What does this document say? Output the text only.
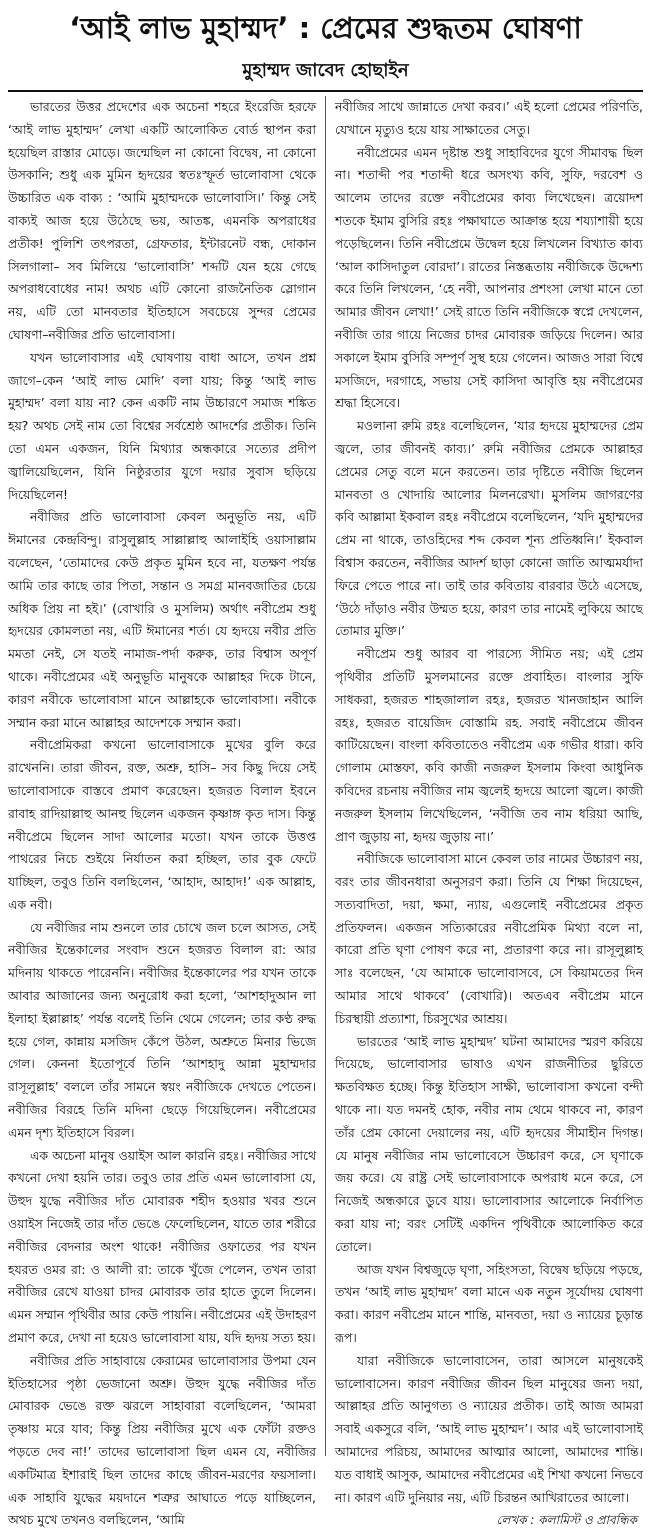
‘আই লাভ মুহাম্মদ’ : প্রেমের শুদ্ধতম ঘোষণা
মুহাম্মদ জাবেদ হোছাইন

ভারতের উত্তর প্রদেশের এক অচেনা শহরে ইংরেজি হরফে ‘আই লাভ মুহাম্মদ’ লেখা একটি আলোকিত বোর্ড স্থাপন করা হয়েছিল রাস্তার মোড়ে। জন্মেছিল না কোনো বিদ্বেষ, না কোনো উসকানি; শুধু এক মুমিন হৃদয়ের স্বতঃস্ফূর্ত ভালোবাসা থেকে উচ্চারিত এক বাক্য : ‘আমি মুহাম্মদকে ভালোবাসি।’ কিন্তু সেই বাক্যই আজ হয়ে উঠেছে ভয়, আতঙ্ক, এমনকি অপরাধের প্রতীক! পুলিশি তৎপরতা, গ্রেফতার, ইন্টারনেট বন্ধ, দোকান সিলগালা– সব মিলিয়ে ‘ভালোবাসি’ শব্দটি যেন হয়ে গেছে অপরাধবোধের নাম! অথচ এটি কোনো রাজনৈতিক স্লোগান নয়, এটি তো মানবতার ইতিহাসে সবচেয়ে সুন্দর প্রেমের ঘোষণা–নবীজির প্রতি ভালোবাসা।

যখন ভালোবাসার এই ঘোষণায় বাধা আসে, তখন প্রশ্ন জাগে–কেন ‘আই লাভ মোদি’ বলা যায়; কিন্তু ‘আই লাভ মুহাম্মদ’ বলা যায় না? কেন একটি নাম উচ্চারণে সমাজ শঙ্কিত হয়? অথচ সেই নাম তো বিশ্বের সর্বশ্রেষ্ঠ আদর্শের প্রতীক। তিনি তো এমন একজন, যিনি মিথ্যার অন্ধকারে সত্যের প্রদীপ জ্বালিয়েছিলেন, যিনি নিষ্ঠুরতার যুগে দয়ার সুবাস ছড়িয়ে দিয়েছিলেন!

নবীজির প্রতি ভালোবাসা কেবল অনুভূতি নয়, এটি ঈমানের কেন্দ্রবিন্দু। রাসুলুল্লাহ সাল্লাল্লাহু আলাইহি ওয়াসাল্লাম বলেছেন, ‘তোমাদের কেউ প্রকৃত মুমিন হবে না, যতক্ষণ পর্যন্ত আমি তার কাছে তার পিতা, সন্তান ও সমগ্র মানবজাতির চেয়ে অধিক প্রিয় না হই।’ (বোখারি ও মুসলিম) অর্থাৎ নবীপ্রেম শুধু হৃদয়ের কোমলতা নয়, এটি ঈমানের শর্ত। যে হৃদয়ে নবীর প্রতি মমতা নেই, সে যতই নামাজ-পর্দা করুক, তার বিশ্বাস অপূর্ণ থাকে। নবীপ্রেমের এই অনুভূতি মানুষকে আল্লাহর দিকে টানে, কারণ নবীকে ভালোবাসা মানে আল্লাহকে ভালোবাসা। নবীকে সম্মান করা মানে আল্লাহর আদেশকে সম্মান করা।

নবীপ্রেমিকরা কখনো ভালোবাসাকে মুখের বুলি করে রাখেননি। তারা জীবন, রক্ত, অশ্রু, হাসি– সব কিছু দিয়ে সেই ভালোবাসাকে বাস্তবে প্রমাণ করেছেন। হজরত বিলাল ইবনে রাবাহ রাদিয়াল্লাহু আনহু ছিলেন একজন কৃষ্ণাঙ্গ কৃত দাস। কিন্তু নবীপ্রেমে ছিলেন সাদা আলোর মতো। যখন তাকে উত্তপ্ত পাথরের নিচে শুইয়ে নির্যাতন করা হচ্ছিল, তার বুক ফেটে যাচ্ছিল, তবুও তিনি বলছিলেন, ‘আহাদ, আহাদ!’ এক আল্লাহ, এক নবী।

যে নবীজির নাম শুনলে তার চোখে জল চলে আসত, সেই নবীজির ইন্তেকালের সংবাদ শুনে হজরত বিলাল রা: আর মদিনায় থাকতে পারেননি। নবীজির ইন্তেকালের পর যখন তাকে আবার আজানের জন্য অনুরোধ করা হলো, ‘আশহাদুআন লা ইলাহা ইল্লাল্লাহ’ পর্যন্ত বলেই তিনি থেমে গেলেন; তার কণ্ঠ রুদ্ধ হয়ে গেল, কান্নায় মসজিদ কেঁপে উঠল, অশ্রুতে মিনার ভিজে গেল। কেননা ইতোপূর্বে তিনি ‘আশহাদু আন্না মুহাম্মদার রাসূলুল্লাহ’ বললে তাঁর সামনে স্বয়ং নবীজিকে দেখতে পেতেন। নবীজির বিরহে তিনি মদিনা ছেড়ে গিয়েছিলেন। নবীপ্রেমের এমন দৃশ্য ইতিহাসে বিরল।

এক অচেনা মানুষ ওয়াইস আল কারনি রহঃ। নবীজির সাথে কখনো দেখা হয়নি তার। তবুও তার প্রতি এমন ভালোবাসা যে, উহুদ যুদ্ধে নবীজির দাঁত মোবারক শহীদ হওয়ার খবর শুনে ওয়াইস নিজেই তার দাঁত ভেঙে ফেলেছিলেন, যাতে তার শরীরে নবীজির বেদনার অংশ থাকে! নবীজির ওফাতের পর যখন হযরত ওমর রা: ও আলী রা: তাকে খুঁজে পেলেন, তখন তারা নবীজির রেখে যাওয়া চাদর মোবারক তার হাতে তুলে দিলেন। এমন সম্মান পৃথিবীর আর কেউ পায়নি। নবীপ্রেমের এই উদাহরণ প্রমাণ করে, দেখা না হয়েও ভালোবাসা যায়, যদি হৃদয় সত্য হয়।

নবীজির প্রতি সাহাবায়ে কেরামের ভালোবাসার উপমা যেন ইতিহাসের পৃষ্ঠা ভেজানো অশ্রু। উহুদ যুদ্ধে নবীজির দাঁত মোবারক ভেঙে রক্ত ঝরলে সাহাবারা বলেছিলেন, ‘আমরা তৃষ্ণায় মরে যাব; কিন্তু প্রিয় নবীজির মুখে এক ফোঁটা রক্তও পড়তে দেব না!’ তাদের ভালোবাসা ছিল এমন যে, নবীজির একটিমাত্র ইশারাই ছিল তাদের কাছে জীবন-মরণের ফয়সালা। এক সাহাবি যুদ্ধের ময়দানে শত্রুর আঘাতে পড়ে যাচ্ছিলেন, অথচ মুখে তখনও বলছিলেন, ‘আমি

নবীজির সাথে জান্নাতে দেখা করব।’ এই হলো প্রেমের পরিণতি, যেখানে মৃত্যুও হয়ে যায় সাক্ষাতের সেতু।

নবীপ্রেমের এমন দৃষ্টান্ত শুধু সাহাবিদের যুগে সীমাবদ্ধ ছিল না। শতাব্দী পর শতাব্দী ধরে অসংখ্য কবি, সুফি, দরবেশ ও আলেম তাদের রক্তে নবীপ্রেমের কাব্য লিখেছেন। ত্রয়োদশ শতকে ইমাম বুসিরি রহঃ পক্ষাঘাতে আক্রান্ত হয়ে শয্যাশায়ী হয়ে পড়েছিলেন। তিনি নবীপ্রেমে উদ্বেল হয়ে লিখলেন বিখ্যাত কাব্য ‘আল কাসিদাতুল বোরদা’। রাতের নিস্তব্ধতায় নবীজিকে উদ্দেশ্য করে তিনি লিখলেন, ‘হে নবী, আপনার প্রশংসা লেখা মানে তো আমার জীবন লেখা!’ সেই রাতে তিনি নবীজিকে স্বপ্নে দেখলেন, নবীজি তার গায়ে নিজের চাদর মোবারক জড়িয়ে দিলেন। আর সকালে ইমাম বুসিরি সম্পূর্ণ সুস্থ হয়ে গেলেন। আজও সারা বিশ্বে মসজিদে, দরগাহে, সভায় সেই কাসিদা আবৃত্তি হয় নবীপ্রেমের শ্রদ্ধা হিসেবে।

মওলানা রুমি রহঃ বলেছিলেন, ‘যার হৃদয়ে মুহাম্মদের প্রেম জ্বলে, তার জীবনই কাব্য।’ রুমি নবীজির প্রেমকে আল্লাহর প্রেমের সেতু বলে মনে করতেন। তার দৃষ্টিতে নবীজি ছিলেন মানবতা ও খোদায়ি আলোর মিলনরেখা। মুসলিম জাগরণের কবি আল্লামা ইকবাল রহঃ নবীপ্রেমে বলেছিলেন, ‘যদি মুহাম্মদের প্রেম না থাকে, তাওহিদের শব্দ কেবল শূন্য প্রতিধ্বনি।’ ইকবাল বিশ্বাস করতেন, নবীজির আদর্শ ছাড়া কোনো জাতি আত্মমর্যাদা ফিরে পেতে পারে না। তাই তার কবিতায় বারবার উঠে এসেছে, ‘উঠে দাঁড়াও নবীর উম্মত হয়ে, কারণ তার নামেই লুকিয়ে আছে তোমার মুক্তি।’

নবীপ্রেম শুধু আরব বা পারস্যে সীমিত নয়; এই প্রেম পৃথিবীর প্রতিটি মুসলমানের রক্তে প্রবাহিত। বাংলার সুফি সাধকরা, হজরত শাহজালাল রহঃ, হজরত খানজাহান আলি রহঃ, হজরত বায়েজিদ বোস্তামি রহ. সবাই নবীপ্রেমে জীবন কাটিয়েছেন। বাংলা কবিতাতেও নবীপ্রেম এক গভীর ধারা। কবি গোলাম মোস্তফা, কবি কাজী নজরুল ইসলাম কিংবা আধুনিক কবিদের রচনায় নবীজির নাম জ্বলেই হৃদয়ে আলো জ্বলে। কাজী নজরুল ইসলাম লিখেছিলেন, ‘নবীজি তব নাম ধরিয়া আছি, প্রাণ জুড়ায় না, হৃদয় জুড়ায় না।’

নবীজিকে ভালোবাসা মানে কেবল তার নামের উচ্চারণ নয়, বরং তার জীবনধারা অনুসরণ করা। তিনি যে শিক্ষা দিয়েছেন, সত্যবাদিতা, দয়া, ক্ষমা, ন্যায়, এগুলোই নবীপ্রেমের প্রকৃত প্রতিফলন। একজন সত্যিকারের নবীপ্রেমিক মিথ্যা বলে না, কারো প্রতি ঘৃণা পোষণ করে না, প্রতারণা করে না। রাসূলুল্লাহ সাঃ বলেছেন, ‘যে আমাকে ভালোবাসবে, সে কিয়ামতের দিন আমার সাথে থাকবে’ (বোখারি)। অতএব নবীপ্রেম মানে চিরস্থায়ী প্রত্যাশা, চিরসুখের আশ্রয়।

ভারতের ‘আই লাভ মুহাম্মদ’ ঘটনা আমাদের স্মরণ করিয়ে দিয়েছে, ভালোবাসার ভাষাও এখন রাজনীতির ছুরিতে ক্ষতবিক্ষত হচ্ছে। কিন্তু ইতিহাস সাক্ষী, ভালোবাসা কখনো বন্দী থাকে না। যত দমনই হোক, নবীর নাম থেমে থাকবে না, কারণ তাঁর প্রেম কোনো দেয়ালের নয়, এটি হৃদয়ের সীমাহীন দিগন্ত। যে মানুষ নবীজির নাম ভালোবেসে উচ্চারণ করে, সে ঘৃণাকে জয় করে। যে রাষ্ট্র সেই ভালোবাসাকে অপরাধ মনে করে, সে নিজেই অন্ধকারে ডুবে যায়। ভালোবাসার আলোকে নির্বাপিত করা যায় না; বরং সেটিই একদিন পৃথিবীকে আলোকিত করে তোলে।

আজ যখন বিশ্বজুড়ে ঘৃণা, সহিংসতা, বিদ্বেষ ছড়িয়ে পড়ছে, তখন ‘আই লাভ মুহাম্মদ’ বলা মানে এক নতুন সূর্যোদয় ঘোষণা করা। কারণ নবীপ্রেম মানে শান্তি, মানবতা, দয়া ও ন্যায়ের চূড়ান্ত রূপ।

যারা নবীজিকে ভালোবাসেন, তারা আসলে মানুষকেই ভালোবাসেন। কারণ নবীজির জীবন ছিল মানুষের জন্য দয়া, আল্লাহর প্রতি আনুগত্য ও ন্যায়ের প্রতীক। তাই আজ আমরা সবাই একসুরে বলি, ‘আই লাভ মুহাম্মদ’। আর এই ভালোবাসাই আমাদের পরিচয়, আমাদের আত্মার আলো, আমাদের শান্তি। যত বাধাই আসুক, আমাদের নবীপ্রেমের এই শিখা কখনো নিভবে না। কারণ এটি দুনিয়ার নয়, এটি চিরন্তন আখিরাতের আলো।

লেখক : কলামিস্ট ও প্রাবন্ধিক
